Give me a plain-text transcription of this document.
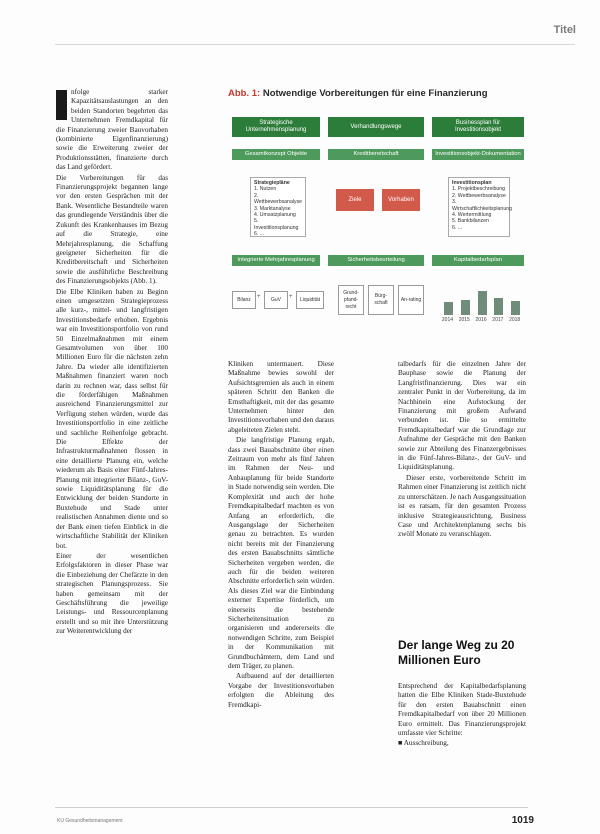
Titel

nfolge starker Kapazitätsauslastungen an den beiden Standorten begehrten das Unternehmen Fremdkapital für die Finanzierung zweier Bauvorhaben (kombinierte Eigenfinanzierung) sowie die Erweiterung zweier der Produktionsstätten, finanzierte durch das Land gefördert.

Die Vorbereitungen für das Finanzierungsprojekt begannen lange vor den ersten Gesprächen mit der Bank. Wesentliche Bestandteile waren das grundlegende Verständnis über die Zukunft des Krankenhauses im Bezug auf die Strategie, eine Mehrjahresplanung, die Schaffung geeigneter Sicherheiten für die Kreditbereitschaft und Sicherheiten sowie die ausführliche Beschreibung des Finanzierungsobjekts (Abb. 1).

Die Elbe Kliniken haben zu Beginn einen umgesetzten Strategieprozess alle kurz-, mittel- und langfristigen Investitionsbedarfe erhoben. Ergebnis war ein Investitionsportfolio von rund 50 Einzelmaßnahmen mit einem Gesamtvolumen von über 100 Millionen Euro für die nächsten zehn Jahre. Da wieder alle identifizierten Maßnahmen finanziert waren noch darin zu rechnen war, dass selbst für die förderfähigen Maßnahmen ausreichend Finanzierungsmittel zur Verfügung stehen würden, wurde das Investitionsportfolio in eine zeitliche und sachliche Reihenfolge gebracht. Die Effekte der Infrastrukturmaßnahmen flossen in eine detaillierte Planung ein, welche wiederum als Basis einer Fünf-Jahres-Planung mit integrierter Bilanz-, GuV- sowie Liquiditätsplanung für die Entwicklung der beiden Standorte in Buxtehude und Stade unter realistischen Annahmen diente und so der Bank einen tiefen Einblick in die wirtschaftliche Stabilität der Kliniken bot.

Einer der wesentlichen Erfolgsfaktoren in dieser Phase war die Einbeziehung der Chefärzte in den strategischen Planungsprozess. Sie haben gemeinsam mit der Geschäftsführung die jeweilige Leistungs- und Ressourcenplanung erstellt und so mit ihre Unterstützung zur Weiterentwicklung der

Abb. 1: Notwendige Vorbereitungen für eine Finanzierung
Strategische Unternehmensplanung
Verhandlungswege
Businessplan für Investitionsobjekt
Gesamtkonzept Objekte	Kreditbereitschaft	Investitionsobjekt-Dokumentation
Strategiepläne
1. Nutzen
2. Wettbewerbsanalyse
3. Marktanalyse
4. Umsatzplanung
5. Investitionsplanung
6. ...
Ziele	Vorhaben
Investitionsplan
1. Projektbeschreibung
2. Wettbewerbsanalyse
3. Wirtschaftlichkeitsplanung
4. Wertermittlung
5. Bankbilanzen
6. ...
Integrierte Mehrjahresplanung	Sicherheitsbeurteilung	Kapitalbedarfsplan
Bilanz	+	GuV	+	Liquidität
Grund-pfand-recht
Bürg-schaft
An-rating
2014 2015 2016 2017 2018

Kliniken untermauert. Diese Maßnahme bewies sowohl der Aufsichtsgremien als auch in einem späteren Schritt den Banken die Ernsthaftigkeit, mit der das gesamte Unternehmen hinter den Investitionsvorhaben und den daraus abgeleiteten Zielen steht.

Die langfristige Planung ergab, dass zwei Bauabschnitte über einen Zeitraum von mehr als fünf Jahren im Rahmen der Neu- und Anbauplanung für beide Standorte in Stade notwendig sein werden. Die Komplexität und auch der hohe Fremdkapitalbedarf machten es von Anfang an erforderlich, die Ausgangslage der Sicherheiten genau zu betrachten. Es wurden nicht bereits mit der Finanzierung des ersten Bauabschnitts sämtliche Sicherheiten vergeben werden, die auch für die beiden weiteren Abschnitte erforderlich sein würden. Als dieses Ziel war die Einbindung externer Expertise förderlich, um einerseits die bestehende Sicherheitensituation zu organisieren und andererseits die notwendigen Schritte, zum Beispiel in der Kommunikation mit Grundbuchämtern, dem Land und dem Träger, zu planen.

Aufbauend auf der detaillierten Vorgabe der Investitionsvorhaben erfolgten die Ableitung des Fremdkapi-

talbedarfs für die einzelnen Jahre der Bauphase sowie die Planung der Langfristfinanzierung. Dies war ein zentraler Punkt in der Vorbereitung, da im Nachhinein eine Aufstockung der Finanzierung mit großem Aufwand verbunden ist. Die so ermittelte Fremdkapitalbedarf war die Grundlage zur Aufnahme der Gespräche mit den Banken sowie zur Abteilung des Finanzergebnisses in die Fünf-Jahres-Bilanz-, der GuV- und Liquiditätsplanung.

Dieser erste, vorbereitende Schritt im Rahmen einer Finanzierung ist zeitlich nicht zu unterschätzen. Je nach Ausgangssituation ist es ratsam, für den gesamten Prozess inklusive Strategieausrichtung, Business Case und Architektenplanung sechs bis zwölf Monate zu veranschlagen.

Der lange Weg zu 20 Millionen Euro

Entsprechend der Kapitalbedarfsplanung hatten die Elbe Kliniken Stade-Buxtehude für den ersten Bauabschnitt einen Fremdkapitalbedarf von über 20 Millionen Euro ermittelt. Das Finanzierungsprojekt umfasste vier Schritte:

■ Ausschreibung,

KU Gesundheitsmanagement	1019
